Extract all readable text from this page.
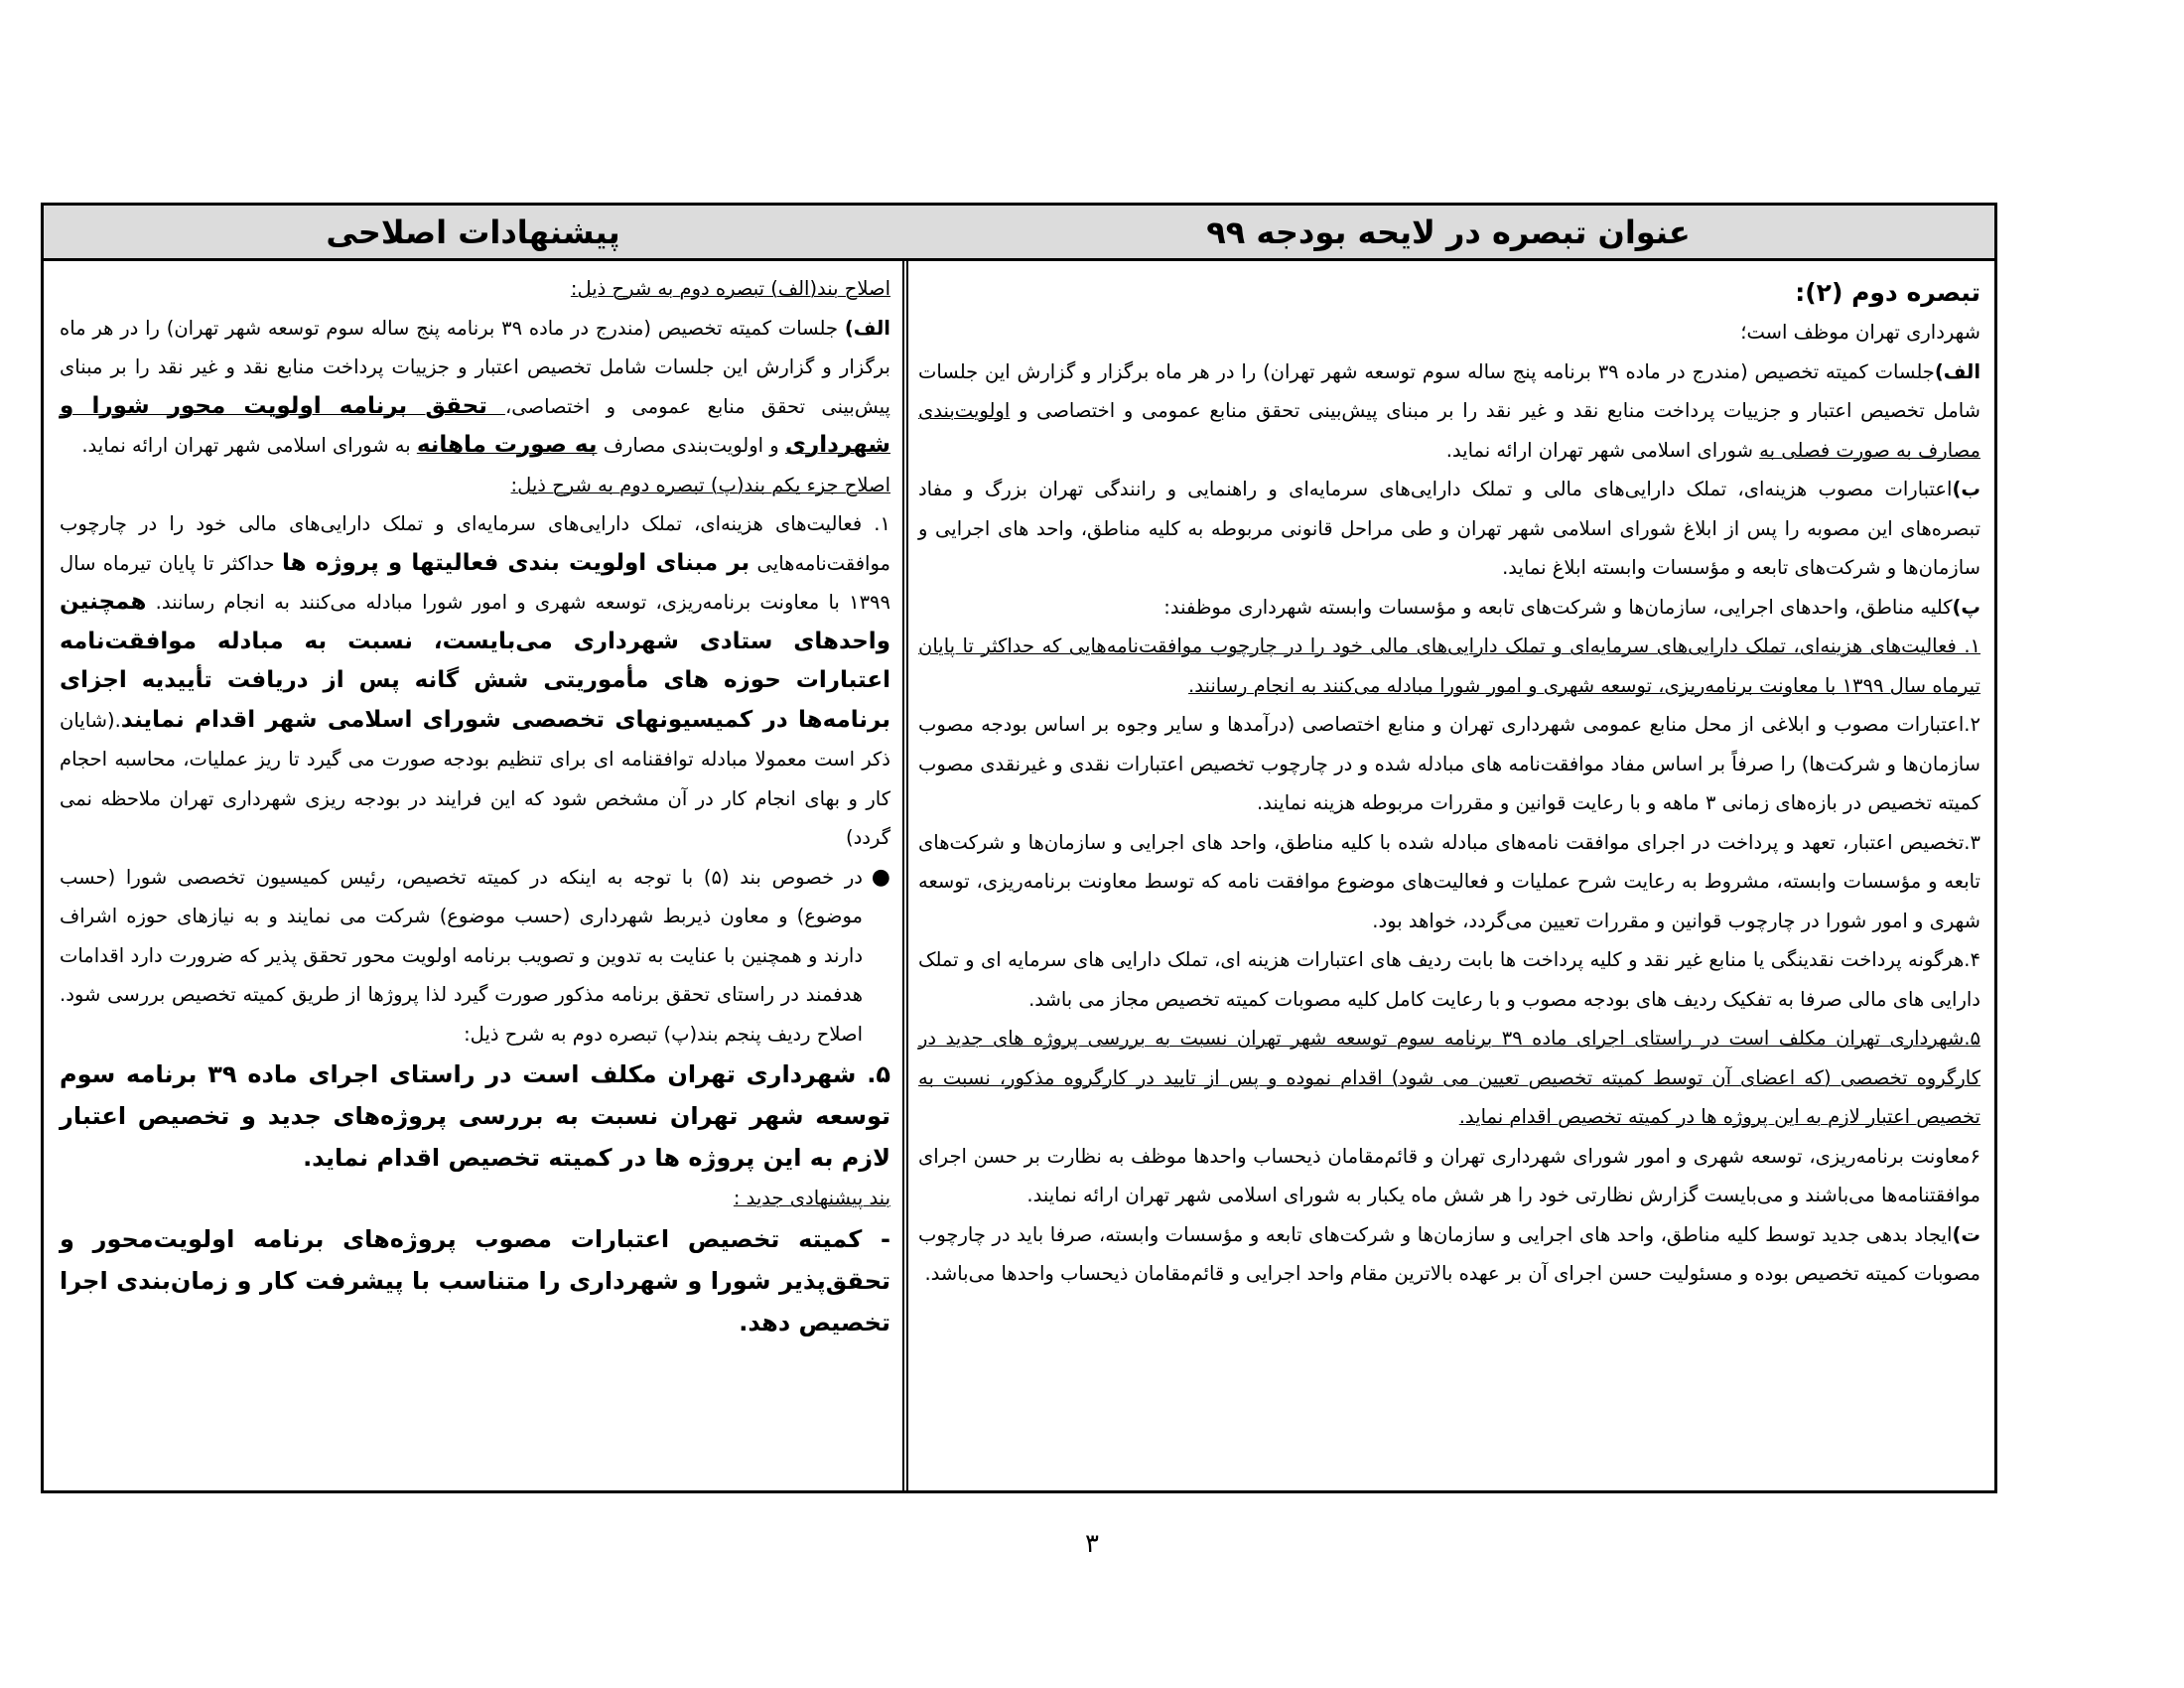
عنوان تبصره در لایحه بودجه ۹۹
پیشنهادات اصلاحی
تبصره دوم (۲):

شهرداری تهران موظف است؛

الف)جلسات کمیته تخصیص (مندرج در ماده ۳۹ برنامه پنج ساله سوم توسعه شهر تهران) را در هر ماه برگزار و گزارش این جلسات شامل تخصیص اعتبار و جزییات پرداخت منابع نقد و غیر نقد را بر مبنای پیش‌بینی تحقق منابع عمومی و اختصاصی و اولویت‌بندی مصارف به صورت فصلی به شورای اسلامی شهر تهران ارائه نماید.

ب)اعتبارات مصوب هزینه‌ای، تملک دارایی‌های مالی و تملک دارایی‌های سرمایه‌ای و راهنمایی و رانندگی تهران بزرگ و مفاد تبصره‌های این مصوبه را پس از ابلاغ شورای اسلامی شهر تهران و طی مراحل قانونی مربوطه به کلیه مناطق، واحد های اجرایی و سازمان‌ها و شرکت‌های تابعه و مؤسسات وابسته ابلاغ نماید.

پ)کلیه مناطق، واحدهای اجرایی، سازمان‌ها و شرکت‌های تابعه و مؤسسات وابسته شهرداری موظفند:

۱. فعالیت‌های هزینه‌ای، تملک دارایی‌های سرمایه‌ای و تملک دارایی‌های مالی خود را در چارچوب موافقت‌نامه‌هایی که حداکثر تا پایان تیرماه سال ۱۳۹۹ با معاونت برنامه‌ریزی، توسعه شهری و امور شورا مبادله می‌کنند به انجام رسانند.

۲.اعتبارات مصوب و ابلاغی از محل منابع عمومی شهرداری تهران و منابع اختصاصی (درآمدها و سایر وجوه بر اساس بودجه مصوب سازمان‌ها و شرکت‌ها) را صرفاً بر اساس مفاد موافقت‌نامه های مبادله شده و در چارچوب تخصیص اعتبارات نقدی و غیرنقدی مصوب کمیته تخصیص در بازه‌های زمانی ۳ ماهه و با رعایت قوانین و مقررات مربوطه هزینه نمایند.

۳.تخصیص اعتبار، تعهد و پرداخت در اجرای موافقت نامه‌های مبادله شده با کلیه مناطق، واحد های اجرایی و سازمان‌ها و شرکت‌های تابعه و مؤسسات وابسته، مشروط به رعایت شرح عملیات و فعالیت‌های موضوع موافقت نامه که توسط معاونت برنامه‌ریزی، توسعه شهری و امور شورا در چارچوب قوانین و مقررات تعیین می‌گردد، خواهد بود.

۴.هرگونه پرداخت نقدینگی یا منابع غیر نقد و کلیه پرداخت ها بابت ردیف های اعتبارات هزینه ای، تملک دارایی های سرمایه ای و تملک دارایی های مالی صرفا به تفکیک ردیف های بودجه مصوب و با رعایت کامل کلیه مصوبات کمیته تخصیص مجاز می باشد.

۵.شهرداری تهران مکلف است در راستای اجرای ماده ۳۹ برنامه سوم توسعه شهر تهران نسبت به بررسی پروژه های جدید در کارگروه تخصصی (که اعضای آن توسط کمیته تخصیص تعیین می شود) اقدام نموده و پس از تایید در کارگروه مذکور، نسبت به تخصیص اعتبار لازم به این پروژه ها در کمیته تخصیص اقدام نماید.

۶معاونت برنامه‌ریزی، توسعه شهری و امور شورای شهرداری تهران و قائم‌مقامان ذیحساب واحدها موظف به نظارت بر حسن اجرای موافقتنامه‌ها می‌باشند و می‌بایست گزارش نظارتی خود را هر شش ماه یکبار به شورای اسلامی شهر تهران ارائه نمایند.

ت)ایجاد بدهی جدید توسط کلیه مناطق، واحد های اجرایی و سازمان‌ها و شرکت‌های تابعه و مؤسسات وابسته، صرفا باید در چارچوب مصوبات کمیته تخصیص بوده و مسئولیت حسن اجرای آن بر عهده بالاترین مقام واحد اجرایی و قائم‌مقامان ذیحساب واحدها می‌باشد.

اصلاح بند(الف) تبصره دوم به شرح ذیل:

الف) جلسات کمیته تخصیص (مندرج در ماده ۳۹ برنامه پنج ساله سوم توسعه شهر تهران) را در هر ماه برگزار و گزارش این جلسات شامل تخصیص اعتبار و جزییات پرداخت منابع نقد و غیر نقد را بر مبنای پیش‌بینی تحقق منابع عمومی و اختصاصی، تحقق برنامه اولویت محور شورا و شهرداری و اولویت‌بندی مصارف به صورت ماهانه به شورای اسلامی شهر تهران ارائه نماید.

اصلاح جزء یکم بند(پ) تبصره دوم به شرح ذیل:

۱. فعالیت‌های هزینه‌ای، تملک دارایی‌های سرمایه‌ای و تملک دارایی‌های مالی خود را در چارچوب موافقت‌نامه‌هایی بر مبنای اولویت بندی فعالیتها و پروژه ها حداکثر تا پایان تیرماه سال ۱۳۹۹ با معاونت برنامه‌ریزی، توسعه شهری و امور شورا مبادله می‌کنند به انجام رسانند. همچنین واحدهای ستادی شهرداری می‌بایست، نسبت به مبادله موافقت‌نامه اعتبارات حوزه های مأموریتی شش گانه پس از دریافت تأییدیه اجزای برنامه‌ها در کمیسیونهای تخصصی شورای اسلامی شهر اقدام نمایند.(شایان ذکر است معمولا مبادله توافقنامه ای برای تنظیم بودجه صورت می گیرد تا ریز عملیات، محاسبه احجام کار و بهای انجام کار در آن مشخص شود که این فرایند در بودجه ریزی شهرداری تهران ملاحظه نمی گردد)

●
در خصوص بند (۵) با توجه به اینکه در کمیته تخصیص، رئیس کمیسیون تخصصی شورا (حسب موضوع) و معاون ذیربط شهرداری (حسب موضوع) شرکت می نمایند و به نیازهای حوزه اشراف دارند و همچنین با عنایت به تدوین و تصویب برنامه اولویت محور تحقق پذیر که ضرورت دارد اقدامات هدفمند در راستای تحقق برنامه مذکور صورت گیرد لذا پروژها از طریق کمیته تخصیص بررسی شود. اصلاح ردیف پنجم بند(پ) تبصره دوم به شرح ذیل:

۵. شهرداری تهران مکلف است در راستای اجرای ماده ۳۹ برنامه سوم توسعه شهر تهران نسبت به بررسی پروژه‌های جدید و تخصیص اعتبار لازم به این پروژه ها در کمیته تخصیص اقدام نماید.

بند پیشنهادی جدید :

- کمیته تخصیص اعتبارات مصوب پروژه‌های برنامه اولویت‌محور و تحقق‌پذیر شورا و شهرداری را متناسب با پیشرفت کار و زمان‌بندی اجرا تخصیص دهد.

۳
